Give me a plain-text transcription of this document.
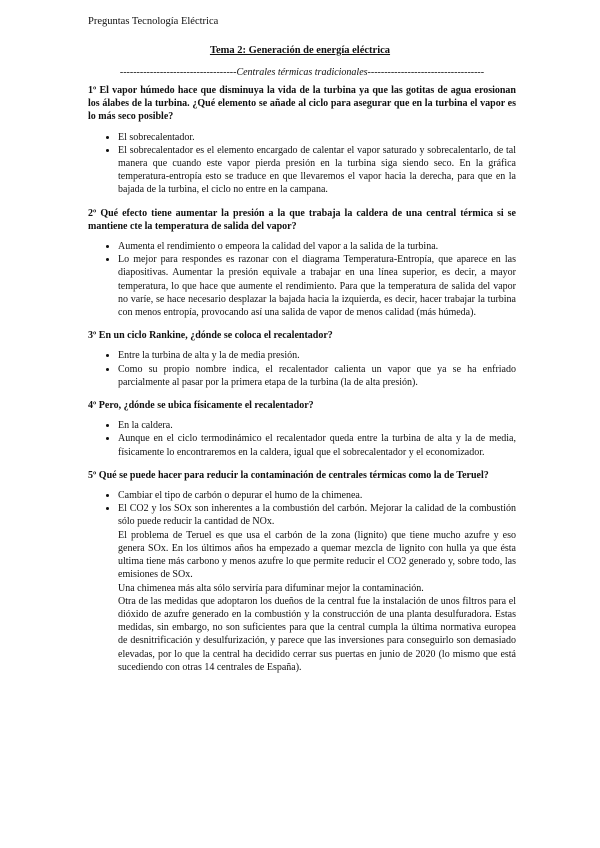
Preguntas Tecnología Eléctrica
Tema 2: Generación de energía eléctrica
-----------------------------------Centrales térmicas tradicionales-----------------------------------
1º El vapor húmedo hace que disminuya la vida de la turbina ya que las gotitas de agua erosionan los álabes de la turbina. ¿Qué elemento se añade al ciclo para asegurar que en la turbina el vapor es lo más seco posible?
• El sobrecalentador.
• El sobrecalentador es el elemento encargado de calentar el vapor saturado y sobrecalentarlo, de tal manera que cuando este vapor pierda presión en la turbina siga siendo seco. En la gráfica temperatura-entropía esto se traduce en que llevaremos el vapor hacia la derecha, para que en la bajada de la turbina, el ciclo no entre en la campana.
2º Qué efecto tiene aumentar la presión a la que trabaja la caldera de una central térmica si se mantiene cte la temperatura de salida del vapor?
• Aumenta el rendimiento o empeora la calidad del vapor a la salida de la turbina.
• Lo mejor para respondes es razonar con el diagrama Temperatura-Entropía, que aparece en las diapositivas. Aumentar la presión equivale a trabajar en una línea superior, es decir, a mayor temperatura, lo que hace que aumente el rendimiento. Para que la temperatura de salida del vapor no varíe, se hace necesario desplazar la bajada hacia la izquierda, es decir, hacer trabajar la turbina con menos entropía, provocando así una salida de vapor de menos calidad (más húmeda).
3º En un ciclo Rankine, ¿dónde se coloca el recalentador?
• Entre la turbina de alta y la de media presión.
• Como su propio nombre indica, el recalentador calienta un vapor que ya se ha enfriado parcialmente al pasar por la primera etapa de la turbina (la de alta presión).
4º Pero, ¿dónde se ubica físicamente el recalentador?
• En la caldera.
• Aunque en el ciclo termodinámico el recalentador queda entre la turbina de alta y la de media, físicamente lo encontraremos en la caldera, igual que el sobrecalentador y el economizador.
5º Qué se puede hacer para reducir la contaminación de centrales térmicas como la de Teruel?
• Cambiar el tipo de carbón o depurar el humo de la chimenea.
• El CO2 y los SOx son inherentes a la combustión del carbón. Mejorar la calidad de la combustión sólo puede reducir la cantidad de NOx.

El problema de Teruel es que usa el carbón de la zona (lignito) que tiene mucho azufre y eso genera SOx. En los últimos años ha empezado a quemar mezcla de lignito con hulla ya que ésta ultima tiene más carbono y menos azufre lo que permite reducir el CO2 generado y, sobre todo, las emisiones de SOx.

Una chimenea más alta sólo serviría para difuminar mejor la contaminación.

Otra de las medidas que adoptaron los dueños de la central fue la instalación de unos filtros para el dióxido de azufre generado en la combustión y la construcción de una planta desulfuradora. Estas medidas, sin embargo, no son suficientes para que la central cumpla la última normativa europea de desnitrificación y desulfurización, y parece que las inversiones para conseguirlo son demasiado elevadas, por lo que la central ha decidido cerrar sus puertas en junio de 2020 (lo mismo que está sucediendo con otras 14 centrales de España).
